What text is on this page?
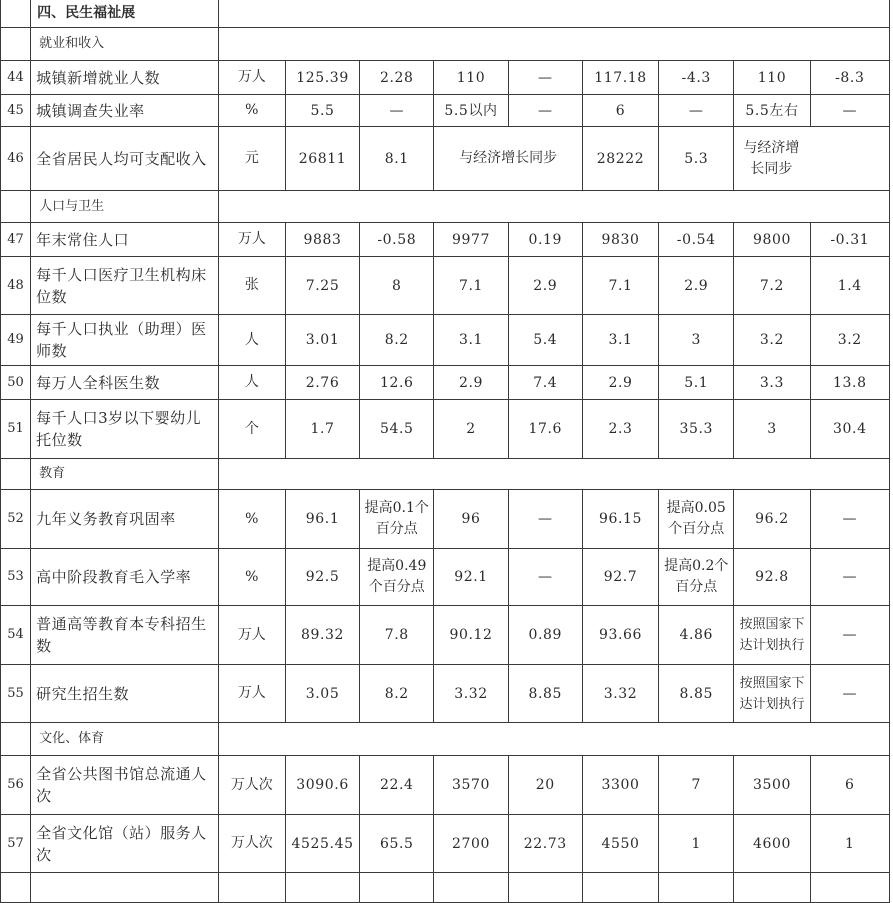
	四、民生福祉展									
	就业和收入									
44	城镇新增就业人数	万人	125.39	2.28	110	—	117.18	-4.3	110	-8.3
45	城镇调查失业率	%	5.5	—	5.5以内	—	6	—	5.5左右	—
46	全省居民人均可支配收入	元	26811	8.1	与经济增长同步		28222	5.3	与经济增长同步	
	人口与卫生									
47	年末常住人口	万人	9883	-0.58	9977	0.19	9830	-0.54	9800	-0.31
48	每千人口医疗卫生机构床位数	张	7.25	8	7.1	2.9	7.1	2.9	7.2	1.4
49	每千人口执业（助理）医师数	人	3.01	8.2	3.1	5.4	3.1	3	3.2	3.2
50	每万人全科医生数	人	2.76	12.6	2.9	7.4	2.9	5.1	3.3	13.8
51	每千人口3岁以下婴幼儿托位数	个	1.7	54.5	2	17.6	2.3	35.3	3	30.4
	教育									
52	九年义务教育巩固率	%	96.1	提高0.1个百分点	96	—	96.15	提高0.05个百分点	96.2	—
53	高中阶段教育毛入学率	%	92.5	提高0.49个百分点	92.1	—	92.7	提高0.2个百分点	92.8	—
54	普通高等教育本专科招生数	万人	89.32	7.8	90.12	0.89	93.66	4.86	按照国家下达计划执行	—
55	研究生招生数	万人	3.05	8.2	3.32	8.85	3.32	8.85	按照国家下达计划执行	—
	文化、体育									
56	全省公共图书馆总流通人次	万人次	3090.6	22.4	3570	20	3300	7	3500	6
57	全省文化馆（站）服务人次	万人次	4525.45	65.5	2700	22.73	4550	1	4600	1
